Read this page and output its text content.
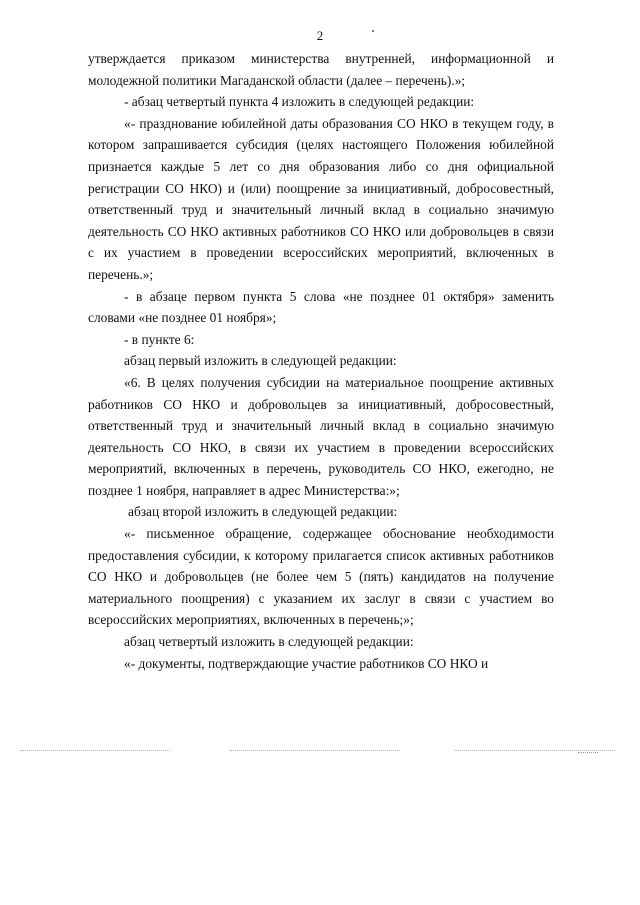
2

утверждается приказом министерства внутренней, информационной и молодежной политики Магаданской области (далее – перечень).»;

- абзац четвертый пункта 4 изложить в следующей редакции:

«- празднование юбилейной даты образования СО НКО в текущем году, в котором запрашивается субсидия (целях настоящего Положения юбилейной признается каждые 5 лет со дня образования либо со дня официальной регистрации СО НКО) и (или) поощрение за инициативный, добросовестный, ответственный труд и значительный личный вклад в социально значимую деятельность СО НКО активных работников СО НКО или добровольцев в связи с их участием в проведении всероссийских мероприятий, включенных в перечень.»;

- в абзаце первом пункта 5 слова «не позднее 01 октября» заменить словами «не позднее 01 ноября»;

- в пункте 6:

абзац первый изложить в следующей редакции:

«6. В целях получения субсидии на материальное поощрение активных работников СО НКО и добровольцев за инициативный, добросовестный, ответственный труд и значительный личный вклад в социально значимую деятельность СО НКО, в связи их участием в проведении всероссийских мероприятий, включенных в перечень, руководитель СО НКО, ежегодно, не позднее 1 ноября, направляет в адрес Министерства:»;

абзац второй изложить в следующей редакции:

«- письменное обращение, содержащее обоснование необходимости предоставления субсидии, к которому прилагается список активных работников СО НКО и добровольцев (не более чем 5 (пять) кандидатов на получение материального поощрения) с указанием их заслуг в связи с участием во всероссийских мероприятиях, включенных в перечень;»;

абзац четвертый изложить в следующей редакции:

«- документы, подтверждающие участие работников СО НКО и
